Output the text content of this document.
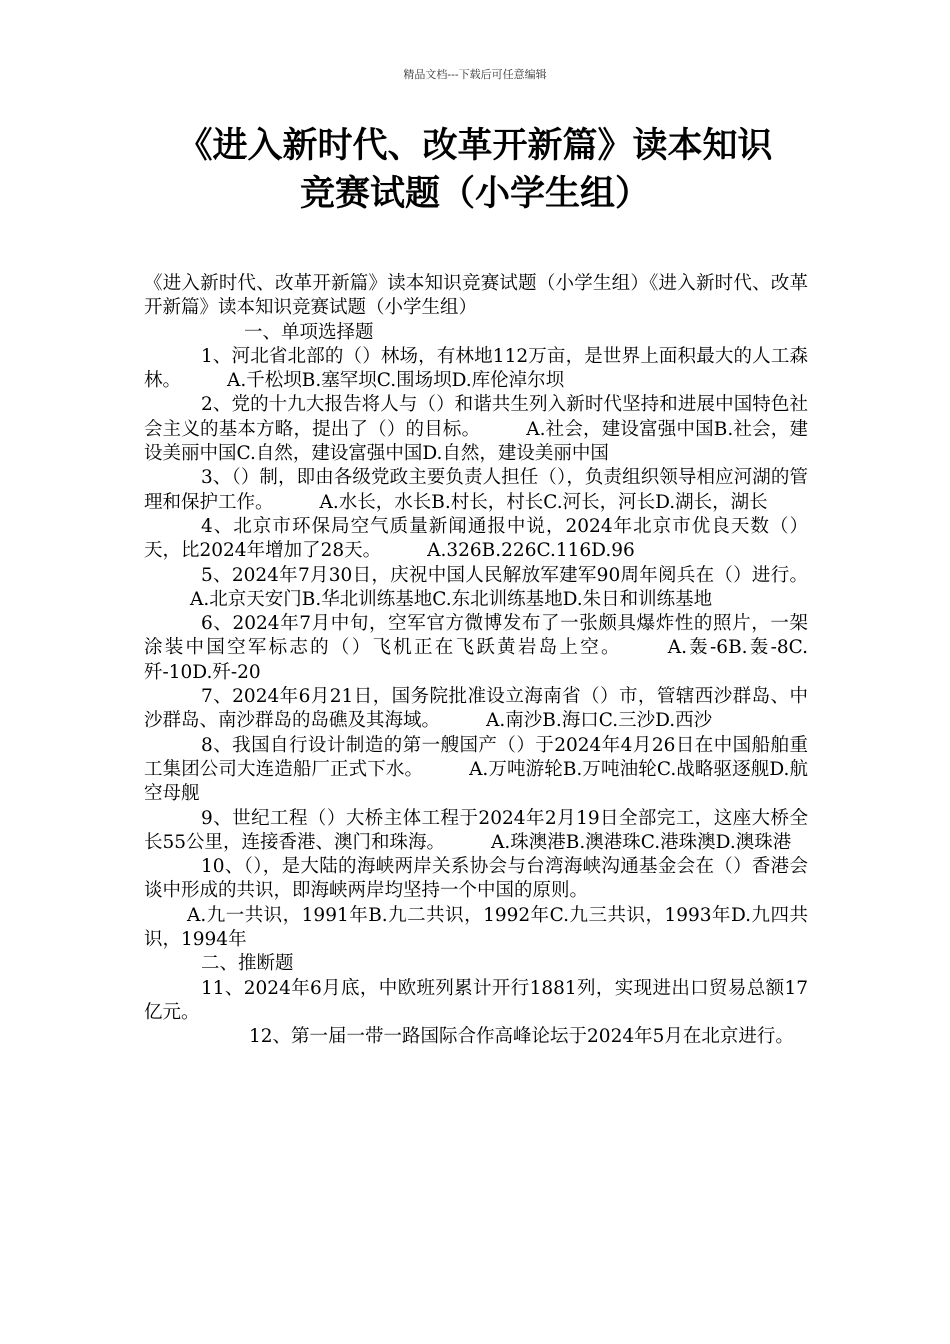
精品文档---下载后可任意编辑
《进入新时代、改革开新篇》读本知识
竞赛试题（小学生组）

《进入新时代、改革开新篇》读本知识竞赛试题（小学生组）《进入新时代、改革开新篇》读本知识竞赛试题（小学生组）

一、单项选择题

1、河北省北部的（）林场，有林地112万亩，是世界上面积最大的人工森林。 A.千松坝B.塞罕坝C.围场坝D.库伦淖尔坝

2、党的十九大报告将人与（）和谐共生列入新时代坚持和进展中国特色社会主义的基本方略，提出了（）的目标。 A.社会，建设富强中国B.社会，建设美丽中国C.自然，建设富强中国D.自然，建设美丽中国

3、（）制，即由各级党政主要负责人担任（），负责组织领导相应河湖的管理和保护工作。 A.水长，水长B.村长，村长C.河长，河长D.湖长，湖长

4、北京市环保局空气质量新闻通报中说，2024年北京市优良天数（）天，比2024年增加了28天。 A.326B.226C.116D.96

5、2024年7月30日，庆祝中国人民解放军建军90周年阅兵在（）进行。A.北京天安门B.华北训练基地C.东北训练基地D.朱日和训练基地

6、2024年7月中旬，空军官方微博发布了一张颇具爆炸性的照片，一架涂装中国空军标志的（）飞机正在飞跃黄岩岛上空。 A.轰-6B.轰-8C.歼-10D.歼-20

7、2024年6月21日，国务院批准设立海南省（）市，管辖西沙群岛、中沙群岛、南沙群岛的岛礁及其海域。 A.南沙B.海口C.三沙D.西沙

8、我国自行设计制造的第一艘国产（）于2024年4月26日在中国船舶重工集团公司大连造船厂正式下水。 A.万吨游轮B.万吨油轮C.战略驱逐舰D.航空母舰

9、世纪工程（）大桥主体工程于2024年2月19日全部完工，这座大桥全长55公里，连接香港、澳门和珠海。 A.珠澳港B.澳港珠C.港珠澳D.澳珠港

10、（），是大陆的海峡两岸关系协会与台湾海峡沟通基金会在（）香港会谈中形成的共识，即海峡两岸均坚持一个中国的原则。

A.九一共识，1991年B.九二共识，1992年C.九三共识，1993年D.九四共识，1994年

二、推断题

11、2024年6月底，中欧班列累计开行1881列，实现进出口贸易总额17亿元。

12、第一届一带一路国际合作高峰论坛于2024年5月在北京进行。
